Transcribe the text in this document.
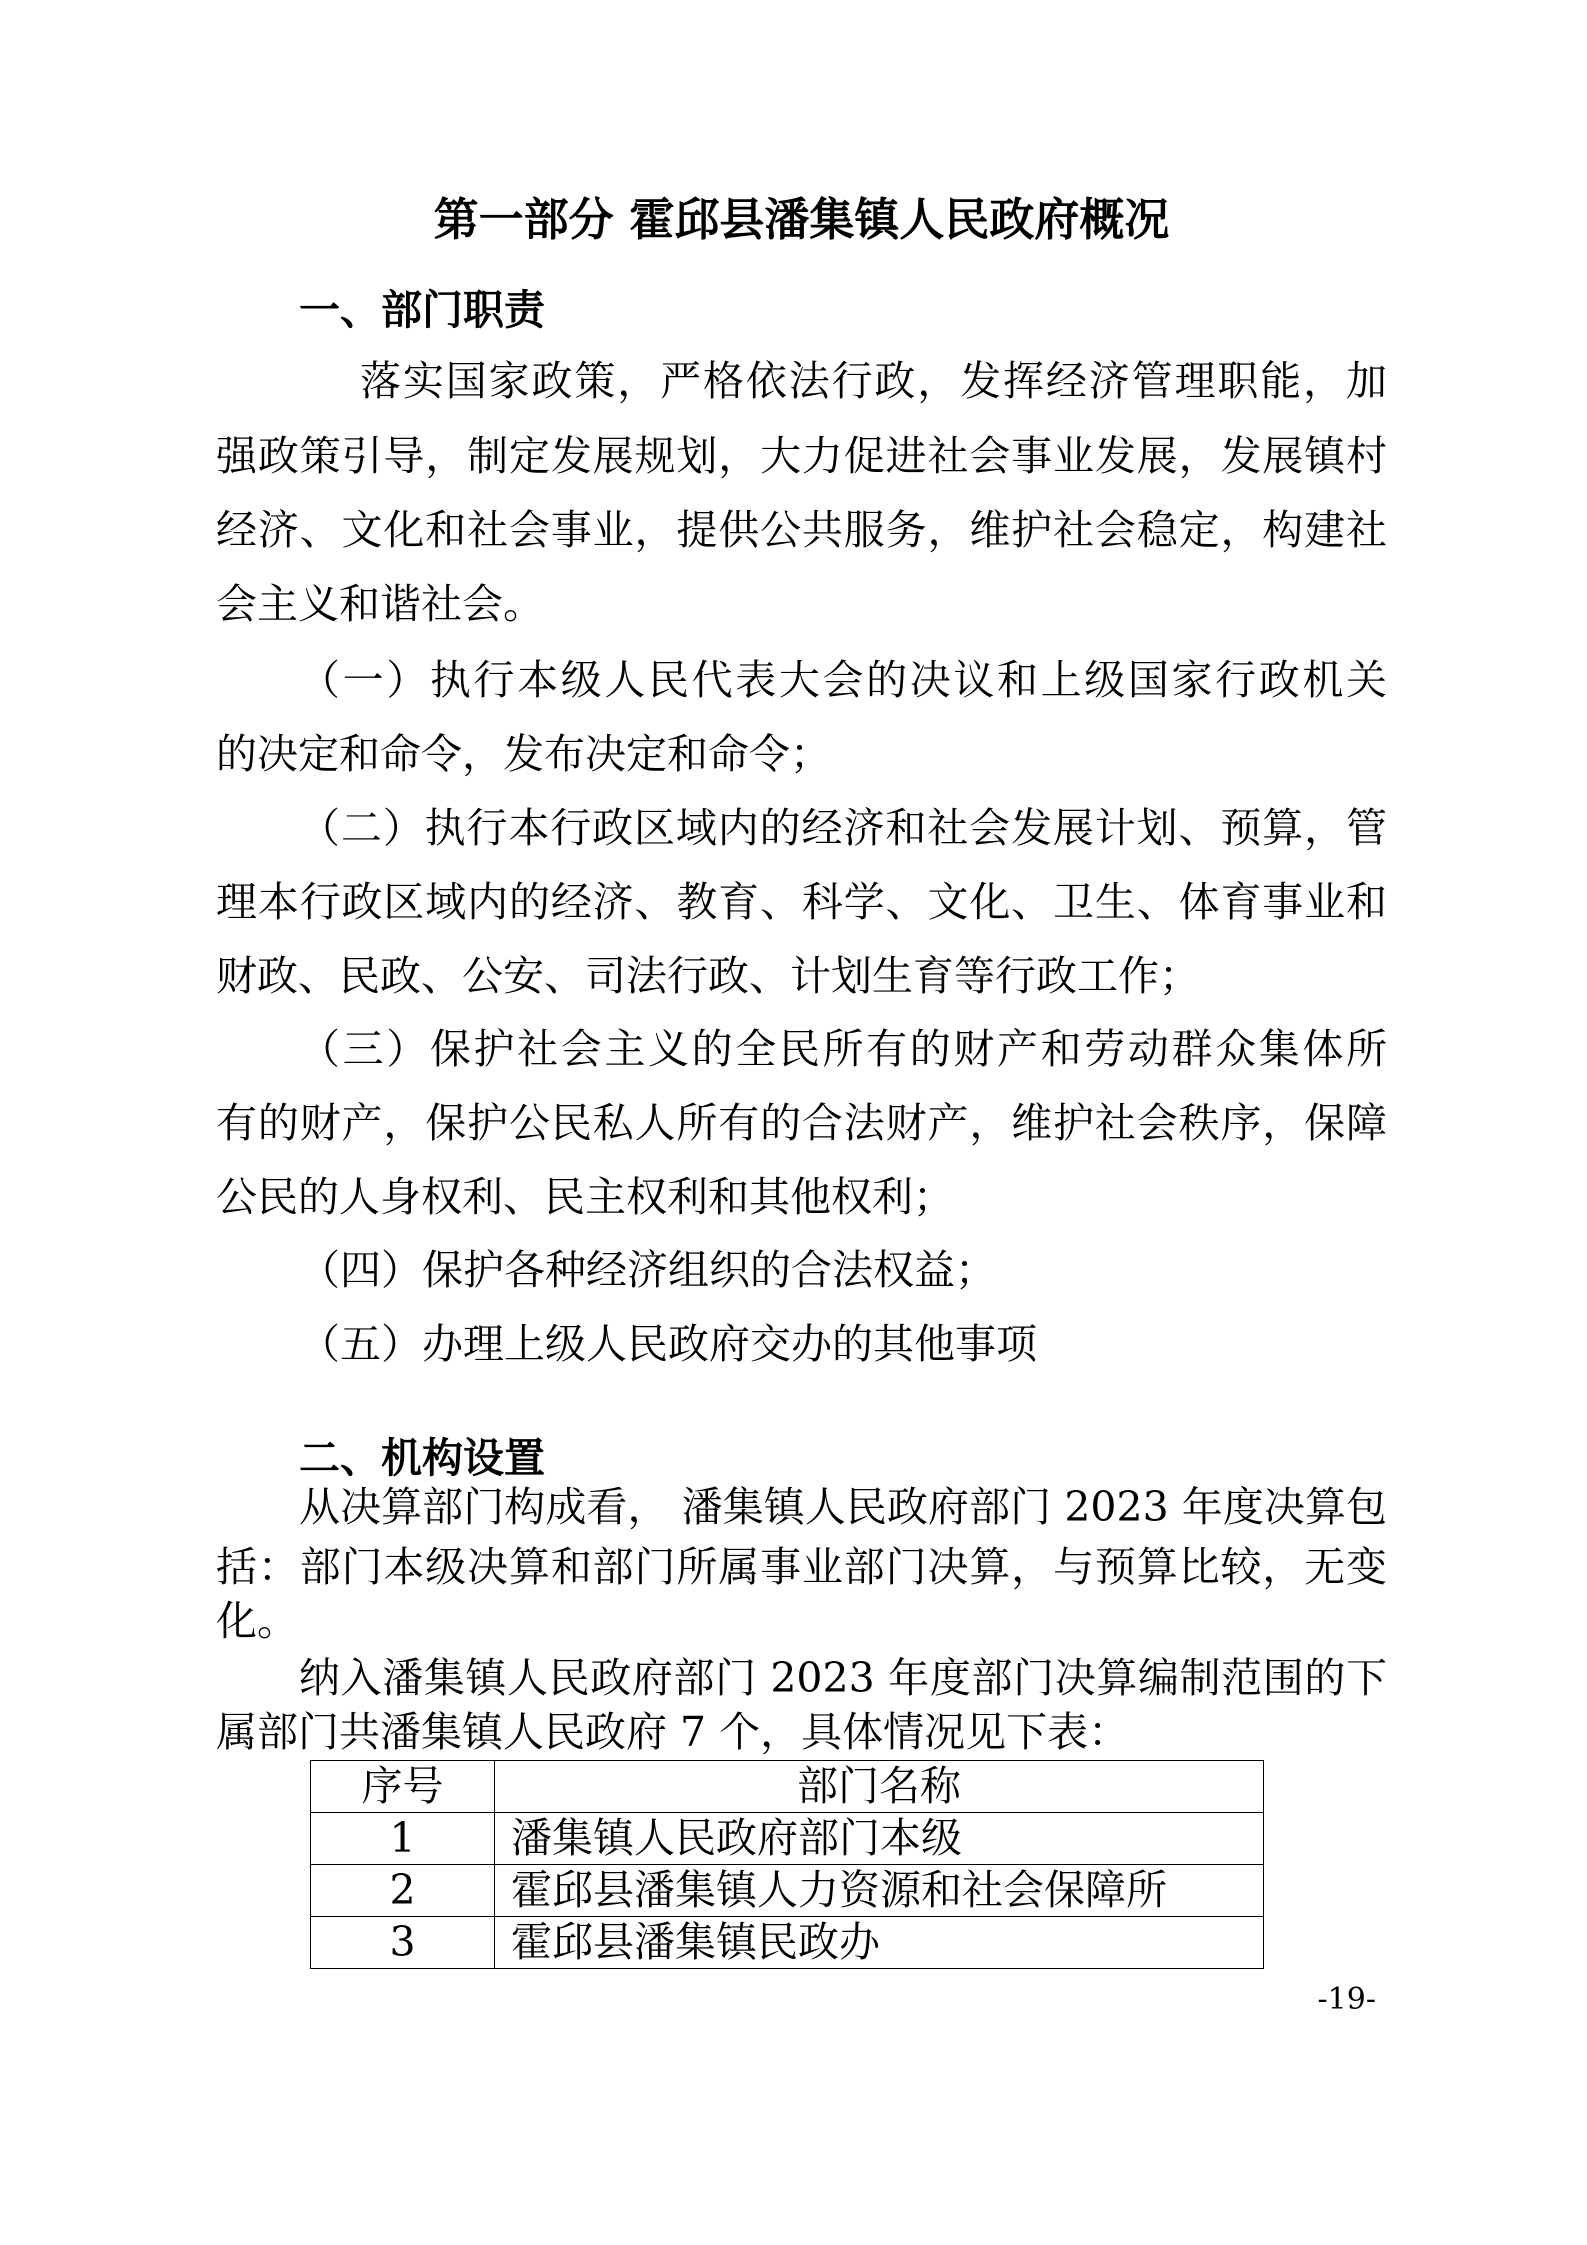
第一部分 霍邱县潘集镇人民政府概况
一、部门职责
落实国家政策，严格依法行政，发挥经济管理职能，加
强政策引导，制定发展规划，大力促进社会事业发展，发展镇村
经济、文化和社会事业，提供公共服务，维护社会稳定，构建社
会主义和谐社会。
（一）执行本级人民代表大会的决议和上级国家行政机关
的决定和命令，发布决定和命令；
（二）执行本行政区域内的经济和社会发展计划、预算，管
理本行政区域内的经济、教育、科学、文化、卫生、体育事业和
财政、民政、公安、司法行政、计划生育等行政工作；
（三）保护社会主义的全民所有的财产和劳动群众集体所
有的财产，保护公民私人所有的合法财产，维护社会秩序，保障
公民的人身权利、民主权利和其他权利；
（四）保护各种经济组织的合法权益；
（五）办理上级人民政府交办的其他事项
二、机构设置
从决算部门构成看， 潘集镇人民政府部门 2023 年度决算包
括：部门本级决算和部门所属事业部门决算，与预算比较，无变
化。
纳入潘集镇人民政府部门 2023 年度部门决算编制范围的下
属部门共潘集镇人民政府 7 个，具体情况见下表：
序号	部门名称
1	潘集镇人民政府部门本级
2	霍邱县潘集镇人力资源和社会保障所
3	霍邱县潘集镇民政办
-19-
